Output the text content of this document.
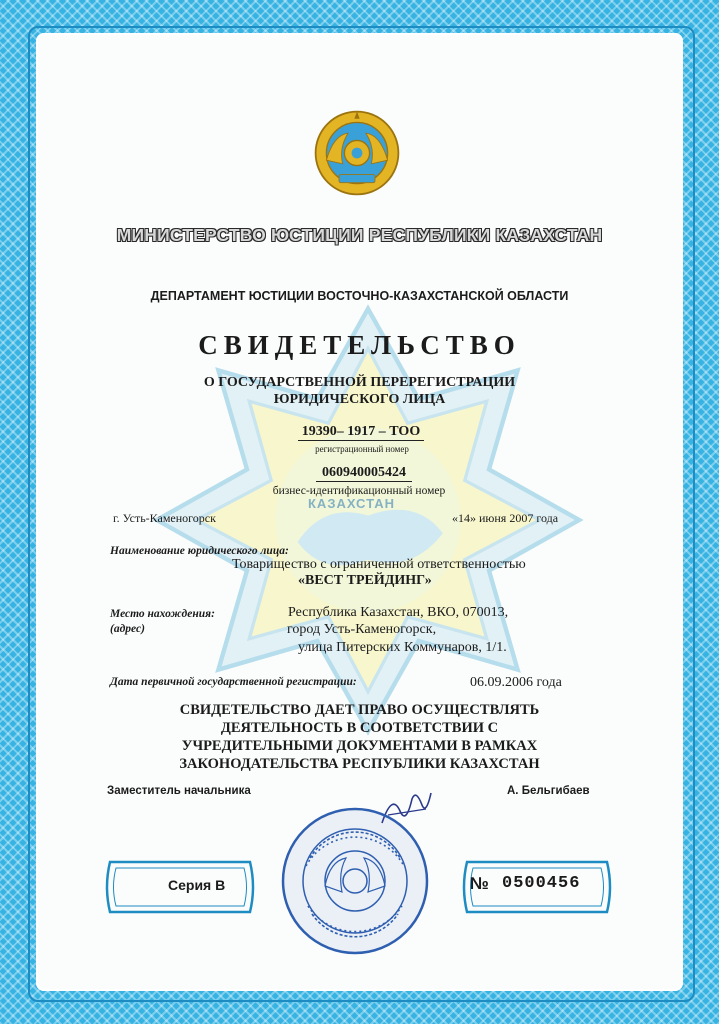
КАЗАХСТАН
МИНИСТЕРСТВО ЮСТИЦИИ РЕСПУБЛИКИ КАЗАХСТАН
ДЕПАРТАМЕНТ ЮСТИЦИИ ВОСТОЧНО-КАЗАХСТАНСКОЙ ОБЛАСТИ
СВИДЕТЕЛЬСТВО
О ГОСУДАРСТВЕННОЙ ПЕРЕРЕГИСТРАЦИИ
ЮРИДИЧЕСКОГО ЛИЦА
19390– 1917 – ТОО
регистрационный номер
060940005424
бизнес-идентификационный номер
г. Усть-Каменогорск	«14» июня 2007 года
Наименование юридического лица:
Товарищество с ограниченной ответственностью
«ВЕСТ ТРЕЙДИНГ»
Место нахождения:
(адрес)
Республика Казахстан, ВКО, 070013,
город Усть-Каменогорск,
улица Питерских Коммунаров, 1/1.
Дата первичной государственной регистрации:	06.09.2006 года
СВИДЕТЕЛЬСТВО ДАЕТ ПРАВО ОСУЩЕСТВЛЯТЬ
ДЕЯТЕЛЬНОСТЬ В СООТВЕТСТВИИ С
УЧРЕДИТЕЛЬНЫМИ ДОКУМЕНТАМИ В РАМКАХ
ЗАКОНОДАТЕЛЬСТВА РЕСПУБЛИКИ КАЗАХСТАН
Заместитель начальника	А. Бельгибаев
Серия В	№ 0500456
